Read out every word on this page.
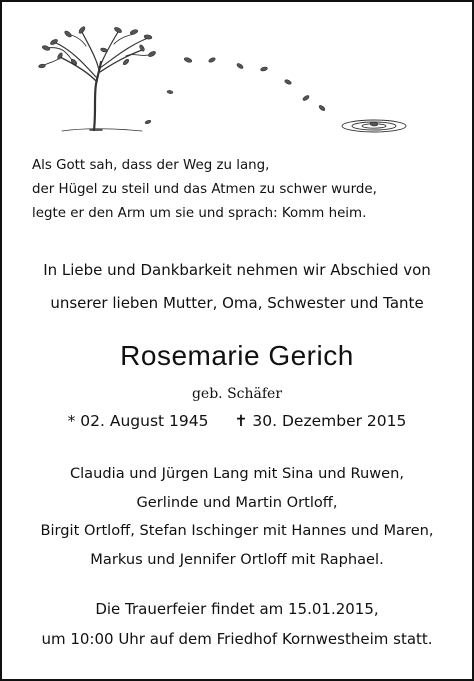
Als Gott sah, dass der Weg zu lang,
der Hügel zu steil und das Atmen zu schwer wurde,
legte er den Arm um sie und sprach: Komm heim.
In Liebe und Dankbarkeit nehmen wir Abschied von
unserer lieben Mutter, Oma, Schwester und Tante
Rosemarie Gerich
geb. Schäfer
* 02. August 1945 ✝ 30. Dezember 2015
Claudia und Jürgen Lang mit Sina und Ruwen,
Gerlinde und Martin Ortloff,
Birgit Ortloff, Stefan Ischinger mit Hannes und Maren,
Markus und Jennifer Ortloff mit Raphael.
Die Trauerfeier findet am 15.01.2015,
um 10:00 Uhr auf dem Friedhof Kornwestheim statt.
